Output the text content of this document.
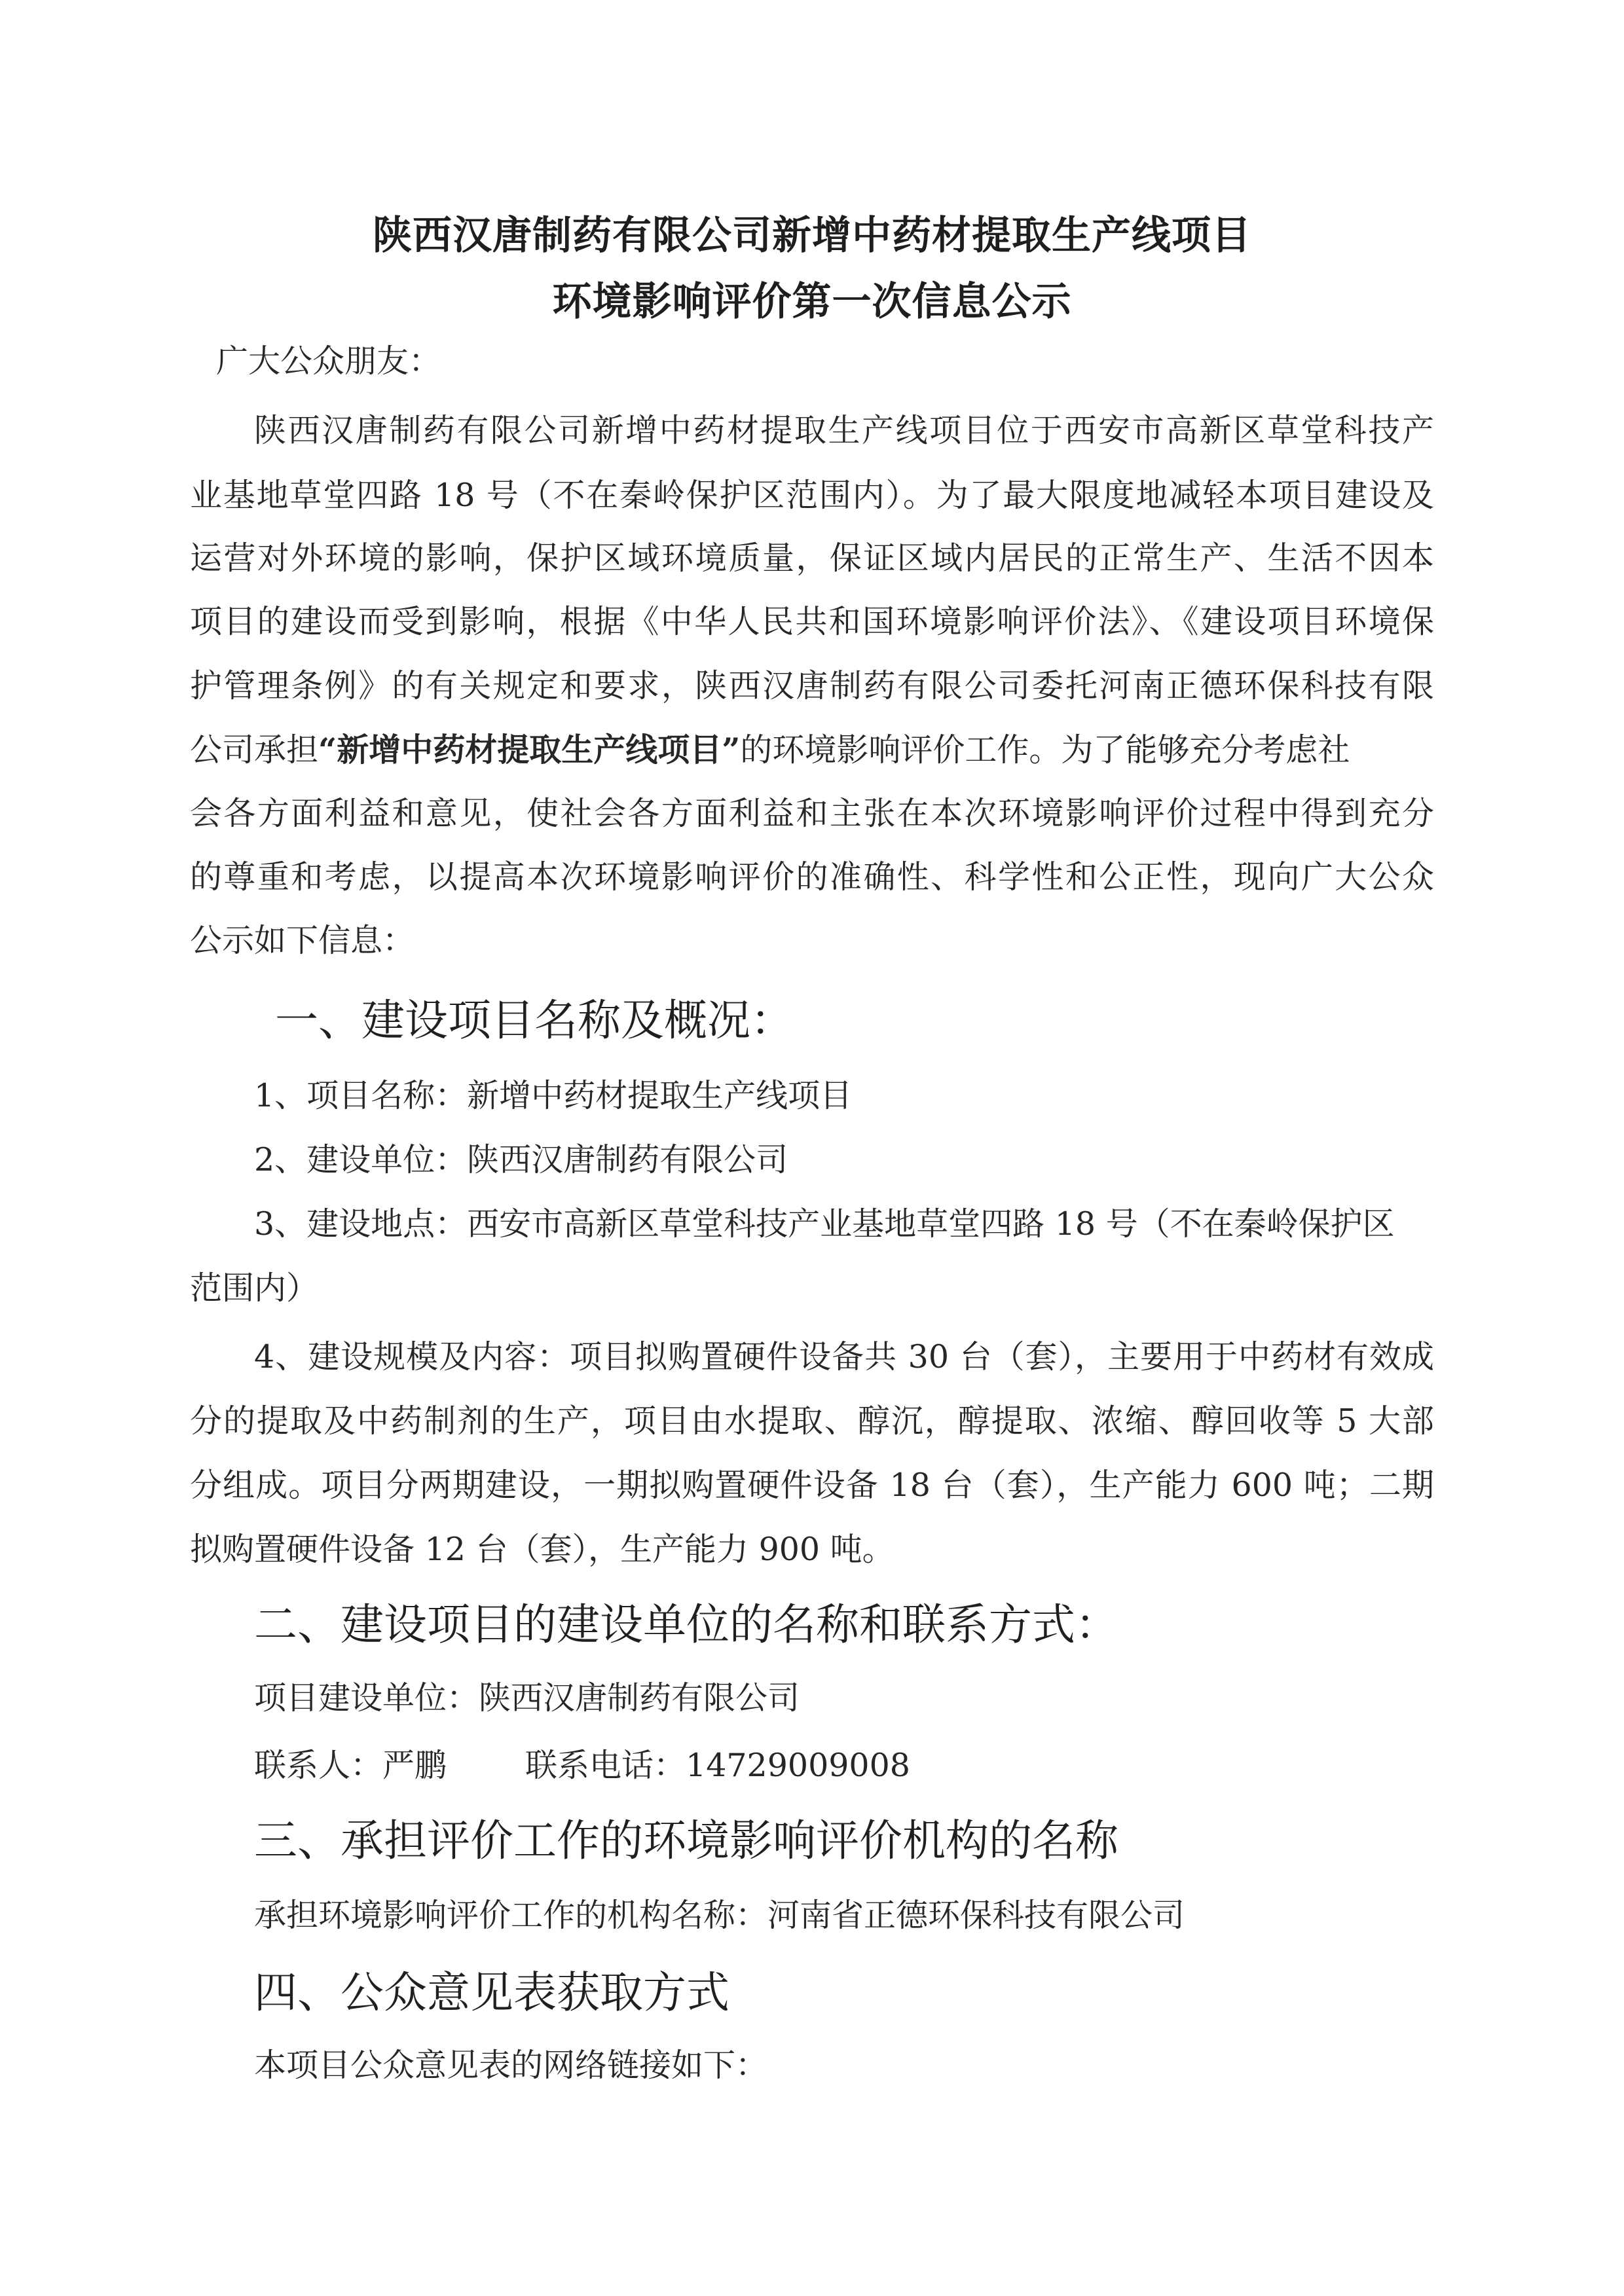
陕西汉唐制药有限公司新增中药材提取生产线项目
环境影响评价第一次信息公示
广大公众朋友：
陕西汉唐制药有限公司新增中药材提取生产线项目位于西安市高新区草堂科技产
业基地草堂四路 18 号（不在秦岭保护区范围内）。为了最大限度地减轻本项目建设及
运营对外环境的影响，保护区域环境质量，保证区域内居民的正常生产、生活不因本
项目的建设而受到影响，根据《中华人民共和国环境影响评价法》、《建设项目环境保
护管理条例》的有关规定和要求，陕西汉唐制药有限公司委托河南正德环保科技有限
公司承担“新增中药材提取生产线项目”的环境影响评价工作。为了能够充分考虑社
会各方面利益和意见，使社会各方面利益和主张在本次环境影响评价过程中得到充分
的尊重和考虑，以提高本次环境影响评价的准确性、科学性和公正性，现向广大公众
公示如下信息：
一、建设项目名称及概况：
1、项目名称：新增中药材提取生产线项目
2、建设单位：陕西汉唐制药有限公司
3、建设地点：西安市高新区草堂科技产业基地草堂四路 18 号（不在秦岭保护区
范围内）
4、建设规模及内容：项目拟购置硬件设备共 30 台（套），主要用于中药材有效成
分的提取及中药制剂的生产，项目由水提取、醇沉，醇提取、浓缩、醇回收等 5 大部
分组成。项目分两期建设，一期拟购置硬件设备 18 台（套），生产能力 600 吨；二期
拟购置硬件设备 12 台（套），生产能力 900 吨。
二、建设项目的建设单位的名称和联系方式：
项目建设单位：陕西汉唐制药有限公司
联系人：严鹏 联系电话：14729009008
三、承担评价工作的环境影响评价机构的名称
承担环境影响评价工作的机构名称：河南省正德环保科技有限公司
四、公众意见表获取方式
本项目公众意见表的网络链接如下：
